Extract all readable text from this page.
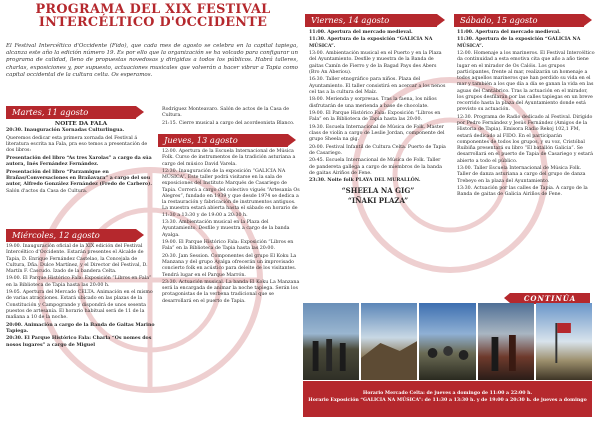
PROGRAMA DEL XIX FESTIVAL
INTERCÉLTICO D'OCCIDENTE
El Festival Intercéltico d'Occidente (Fido), que cada mes de agosto se celebra en la capital tapiega, alcanza este año la edición número 19. Es por ello que la organización se ha volcado para configurar un programa de calidad, lleno de propuestas novedosas y dirigidas a todos los públicos. Habrá talleres, charlas, exposiciones y, por supuesto, actuaciones musicales que volverán a hacer vibrar a Tapia como capital occidental de la cultura celta. Os esperamos.
Martes, 11 agosto

NOITE DA FALA

20:30. Inauguración Xornadas Culturlingua.

Queremos dedicar esta primera xornada del Festival á literatura escrita na Fala, pra eso temos a presentación de dos libros:

Presentación del libro “As tres Xarolas” a cargo da súa autora, Inés Fernández Fernández.

Presentación del libro “Parzamique en Brañas/Conversaciones en Brañavara” a cargo del sou autor, Alfredo González Fernández (Fredo de Carbero).

Salón d'actos da Casa de Cultura.

Miércoles, 12 agosto

19:00. Inauguración oficial de la XIX edición del Festival Intercéltico d'Occidente. Estarán presentes el Alcalde de Tapia, D. Enrique Fernández Castelao, la Concejala de Cultura, Dña. Dulce Martínez, y el Director del Festival, D. Martín F. Cascudo. Izado de la bandera Celta.

19:00. El Parque Histórico Fala: Exposición “Libros en Fala” en la Biblioteca de Tapia hasta las 20:00 h.

19:05. Apertura del Mercado CELTA. Animación en el mismo de varias atracciones. Estará ubicado en las plazas de la Constitución y Campogrande y dispondrá de unos sesenta puestos de artesanía. El horario habitual será de 11 de la mañana a 10 de la noche.

20:00. Animación a cargo de la Banda de Gaitas Marino Tapiega.

20:30. El Parque Histórico Fala: Charla “Os nomes dos nosos lugares” a cargo de Miguel

Rodríguez Monteavaro. Salón de actos de la Casa de Cultura.

21:15. Cierre musical a cargo del acordeonista Blanco.

Jueves, 13 agosto

12:00. Apertura de la Escuela Internacional de Música Folk. Curso de instrumentos de la tradición asturiana a cargo del músico David Varela.

12:30. Inauguración de la exposición “GALICIA NA MÚSICA”. Este taller podrá visitarse en la sala de exposiciones del Instituto Marqués de Casariego de Tapia. Correrá a cargo del colectivo vigués “Artesanía Os Alegres”, fundado en 1939 y que desde 1974 se dedica a la restauración y fabricación de instrumentos antiguos. La muestra estará abierta hasta el sábado en horario de 11:30 a 13:30 y de 19:00 a 20:30 h.

13:30. Ambientación musical en la Plaza del Ayuntamiento. Desfile y muestra a cargo de la banda Ayalga.

19:00. El Parque Histórico Fala: Exposición “Libros en Fala” en la Biblioteca de Tapia hasta las 20:00.

20:30. Jam Session. Componentes del grupo El Koku La Manzana y del grupo Ayalga ofrecerán un improvisado concierto folk en acústico para deleite de los visitantes. Tendrá lugar en el Parque Marrón.

23:30. Actuación musical. La banda El Koku La Manzana será la encargada de animar la noche tapiega. Serán los protagonistas de la verbena tradicional que se desarrollará en el puerto de Tapia.

Viernes, 14 agosto

11:00. Apertura del mercado medieval.

11:30. Apertura de la exposición “GALICIA NA MÚSICA”.

13:00. Ambientación musical en el Puerto y en la Plaza del Ayuntamiento. Desfile y muestra de la Banda de gaitas Camín de Fierro y de la Bagad Pays des Abers (Bro An Aberiou).

16:30. Taller etnográfico para niños. Plaza del Ayuntamiento. El taller consistirá en acercar a los nenos cel tas a la cultura del Maíz.

18:00. Merienda y sorpresas. Tras la faena, los niños disfrutarán de una merienda a base de chocolate.

19:00. El Parque Histórico Fala: Exposición “Libros en Fala” en la Biblioteca de Tapia hasta las 20:00.

19:30. Escuela Internacional de Música de Folk. Master class de violín a cargo de Leslie Jordan, componente del grupo Sheela na gig.

20:00. Festival Infantil de Cultura Celta. Puerto de Tapia de Casariego.

20:45. Escuela Internacional de Música de Folk. Taller de pandereta gallega a cargo de miembros de la banda de gaitas Airiños de Fene.

23:30. Noite folk PLAYA DEL MURALLÓN.

“SHEELA NA GIG”

“IÑAKI PLAZA”

Sábado, 15 agosto

11:00. Apertura del mercado medieval.

11:30. Apertura de la exposición “GALICIA NA MÚSICA”.

12:00. Homenaje a los marineros. El Festival Intercéltico da continuidad a esta emotiva cita que año a año tiene lugar en el mirador de Os Calóis. Los grupos participantes, frente al mar, realizarán un homenaje a todos aquellos marineros que han perdido su vida en el mar y también a los que día a día se ganan la vida en las aguas del Cantábrico. Tras la actuación en el mirador, los grupos desfilarán por las calles tapiegas en un breve recorrido hasta la plaza del Ayuntamiento donde está previsto su actuación.

12:30. Programa de Radio dedicado al Festival. Dirigido por Pedro Fernández y Jesús Fernández (Amigos de la Historia de Tapia). Emisora Radio Rekoj 102,1 FM, estará dedicado al FIDO. En el participarán componentes de todos los grupos, y su voz, Cristóbal Ruibiña presentará su libro “El batallón Galicia”. Se desarrollará en el puerto de Tapia de Casariego y estará abierto a todo el público.

13:00. Taller Escuela Internacional de Música Folk. Taller de danza asturiana a cargo del grupo de danza Trebeyo en la plaza del Ayuntamiento.

13:30. Actuación por las calles de Tapia. A cargo de la Banda de gaitas de Galicia Airiños de Fene.

CONTINÚA
Horario Mercado Celta: de jueves a domingo de 11:00 a 22:00 h.
Horario Exposición “GALICIA NA MÚSICA”: de 11:30 a 13:30 h. y de 19:00 a 20:30 h. de jueves a domingo
